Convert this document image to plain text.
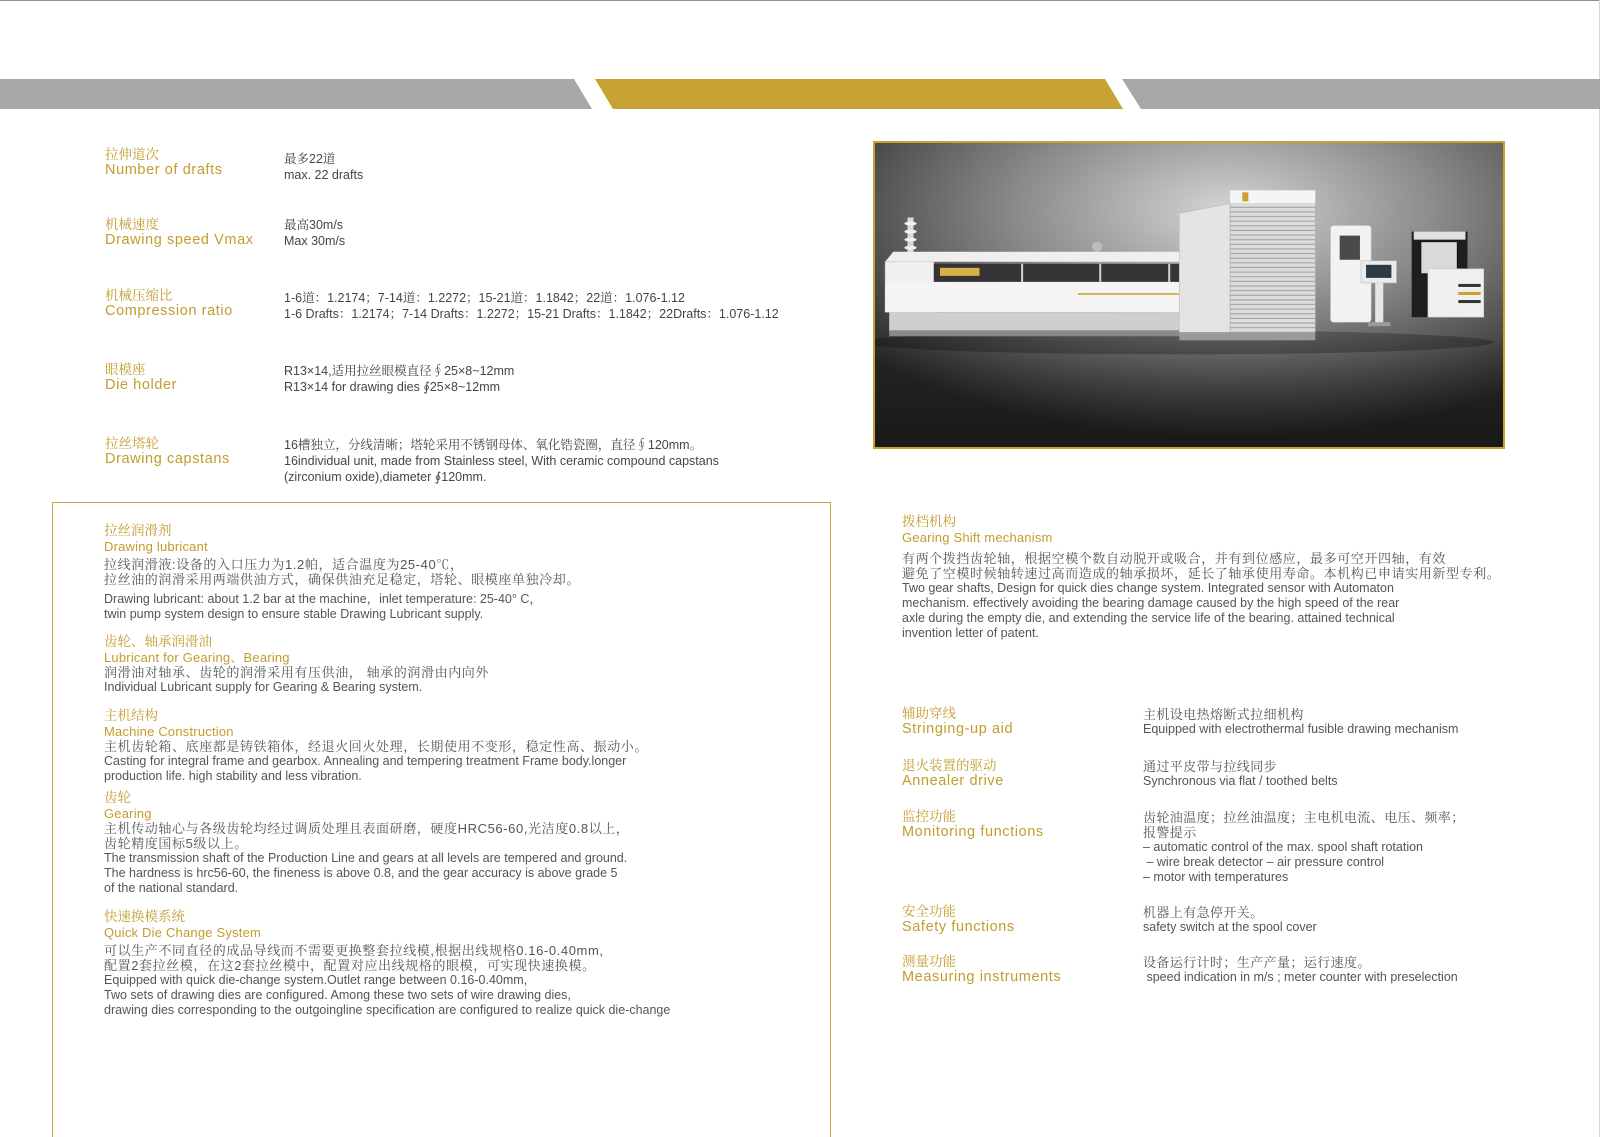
拉伸道次
Number of drafts
最多22道
max. 22 drafts
机械速度
Drawing speed Vmax
最高30m/s
Max 30m/s
机械压缩比
Compression ratio
1-6道：1.2174；7-14道：1.2272；15-21道：1.1842；22道：1.076-1.12
1-6 Drafts：1.2174；7-14 Drafts：1.2272；15-21 Drafts：1.1842；22Drafts：1.076-1.12
眼模座
Die holder
R13×14,适用拉丝眼模直径∮25×8~12mm
R13×14 for drawing dies ∮25×8~12mm
拉丝塔轮
Drawing capstans
16槽独立，分线清晰；塔轮采用不锈钢母体、氧化锆瓷圈，直径∮120mm。
16individual unit, made from Stainless steel, With ceramic compound capstans
(zirconium oxide),diameter ∮120mm.
拉丝润滑剂
Drawing lubricant
拉线润滑液:设备的入口压力为1.2帕，适合温度为25-40℃，
拉丝油的润滑采用两端供油方式，确保供油充足稳定，塔轮、眼模座单独冷却。
Drawing lubricant: about 1.2 bar at the machine，inlet temperature: 25-40° C，
twin pump system design to ensure stable Drawing Lubricant supply.
齿轮、轴承润滑油
Lubricant for Gearing、Bearing
润滑油对轴承、齿轮的润滑采用有压供油， 轴承的润滑由内向外
Individual Lubricant supply for Gearing & Bearing system.
主机结构
Machine Construction
主机齿轮箱、底座都是铸铁箱体，经退火回火处理，长期使用不变形，稳定性高、振动小。
Casting for integral frame and gearbox. Annealing and tempering treatment Frame body.longer
production life. high stability and less vibration.
齿轮
Gearing
主机传动轴心与各级齿轮均经过调质处理且表面研磨，硬度HRC56-60,光洁度0.8以上，
齿轮精度国标5级以上。
The transmission shaft of the Production Line and gears at all levels are tempered and ground.
The hardness is hrc56-60, the fineness is above 0.8, and the gear accuracy is above grade 5
of the national standard.
快速换模系统
Quick Die Change System
可以生产不同直径的成品导线而不需要更换整套拉线模,根据出线规格0.16-0.40mm,
配置2套拉丝模，在这2套拉丝模中，配置对应出线规格的眼模，可实现快速换模。
Equipped with quick die-change system.Outlet range between 0.16-0.40mm,
Two sets of drawing dies are configured. Among these two sets of wire drawing dies,
drawing dies corresponding to the outgoingline specification are configured to realize quick die-change
拨档机构
Gearing Shift mechanism
有两个拨挡齿轮轴，根据空模个数自动脱开或吸合，并有到位感应，最多可空开四轴，有效
避免了空模时候轴转速过高而造成的轴承损坏，延长了轴承使用寿命。本机构已申请实用新型专利。
Two gear shafts, Design for quick dies change system. Integrated sensor with Automaton
mechanism. effectively avoiding the bearing damage caused by the high speed of the rear
axle during the empty die, and extending the service life of the bearing. attained technical
invention letter of patent.
辅助穿线
Stringing-up aid
主机设电热熔断式拉细机构
Equipped with electrothermal fusible drawing mechanism
退火装置的驱动
Annealer drive
通过平皮带与拉线同步
Synchronous via flat / toothed belts
监控功能
Monitoring functions
齿轮油温度；拉丝油温度；主电机电流、电压、频率；
报警提示
– automatic control of the max. spool shaft rotation
– wire break detector – air pressure control
– motor with temperatures
安全功能
Safety functions
机器上有急停开关。
safety switch at the spool cover
测量功能
Measuring instruments
设备运行计时；生产产量；运行速度。
speed indication in m/s ; meter counter with preselection
